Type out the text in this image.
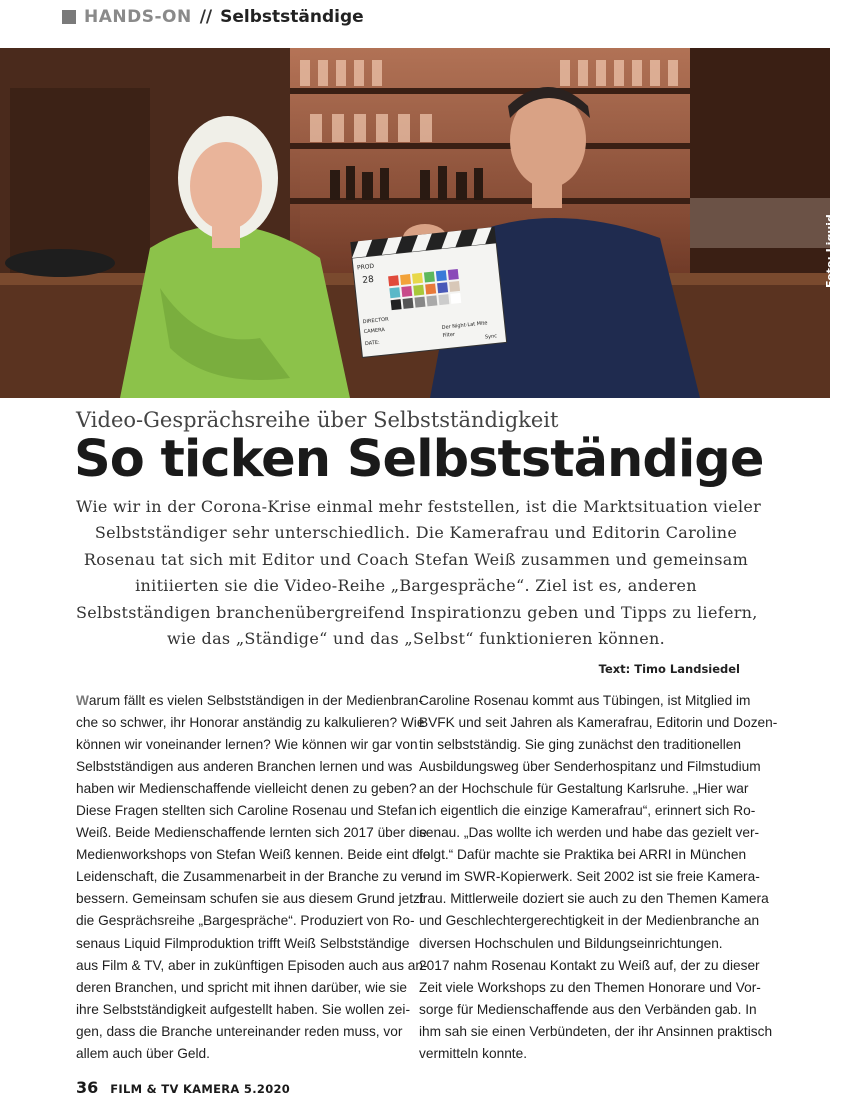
HANDS-ON // Selbstständige
PROD
28
DIRECTOR
CAMERA
DATE:
Der Night-Lat Mite
Filter	Sync
Foto: Liquid Filmproduktion
Video-Gesprächsreihe über Selbstständigkeit
So ticken Selbstständige
Wie wir in der Corona-Krise einmal mehr feststellen, ist die Marktsituation vieler
Selbstständiger sehr unterschiedlich. Die Kamerafrau und Editorin Caroline
Rosenau tat sich mit Editor und Coach Stefan Weiß zusammen und gemeinsam
initiierten sie die Video-Reihe „Bargespräche“. Ziel ist es, anderen
Selbstständigen branchenübergreifend Inspirationzu geben und Tipps zu liefern,
wie das „Ständige“ und das „Selbst“ funktionieren können.
Text: Timo Landsiedel
Warum fällt es vielen Selbstständigen in der Medienbran-
che so schwer, ihr Honorar anständig zu kalkulieren? Wie
können wir voneinander lernen? Wie können wir gar von
Selbstständigen aus anderen Branchen lernen und was
haben wir Medienschaffende vielleicht denen zu geben?
Diese Fragen stellten sich Caroline Rosenau und Stefan
Weiß. Beide Medienschaffende lernten sich 2017 über die
Medienworkshops von Stefan Weiß kennen. Beide eint die
Leidenschaft, die Zusammenarbeit in der Branche zu ver-
bessern. Gemeinsam schufen sie aus diesem Grund jetzt
die Gesprächsreihe „Bargespräche“. Produziert von Ro-
senaus Liquid Filmproduktion trifft Weiß Selbstständige
aus Film & TV, aber in zukünftigen Episoden auch aus an-
deren Branchen, und spricht mit ihnen darüber, wie sie
ihre Selbstständigkeit aufgestellt haben. Sie wollen zei-
gen, dass die Branche untereinander reden muss, vor
allem auch über Geld.
Caroline Rosenau kommt aus Tübingen, ist Mitglied im
BVFK und seit Jahren als Kamerafrau, Editorin und Dozen-
tin selbstständig. Sie ging zunächst den traditionellen
Ausbildungsweg über Senderhospitanz und Filmstudium
an der Hochschule für Gestaltung Karlsruhe. „Hier war
ich eigentlich die einzige Kamerafrau“, erinnert sich Ro-
senau. „Das wollte ich werden und habe das gezielt ver-
folgt.“ Dafür machte sie Praktika bei ARRI in München
und im SWR-Kopierwerk. Seit 2002 ist sie freie Kamera-
frau. Mittlerweile doziert sie auch zu den Themen Kamera
und Geschlechtergerechtigkeit in der Medienbranche an
diversen Hochschulen und Bildungseinrichtungen.
2017 nahm Rosenau Kontakt zu Weiß auf, der zu dieser
Zeit viele Workshops zu den Themen Honorare und Vor-
sorge für Medienschaffende aus den Verbänden gab. In
ihm sah sie einen Verbündeten, der ihr Ansinnen praktisch
vermitteln konnte.
36 FILM & TV KAMERA 5.2020
